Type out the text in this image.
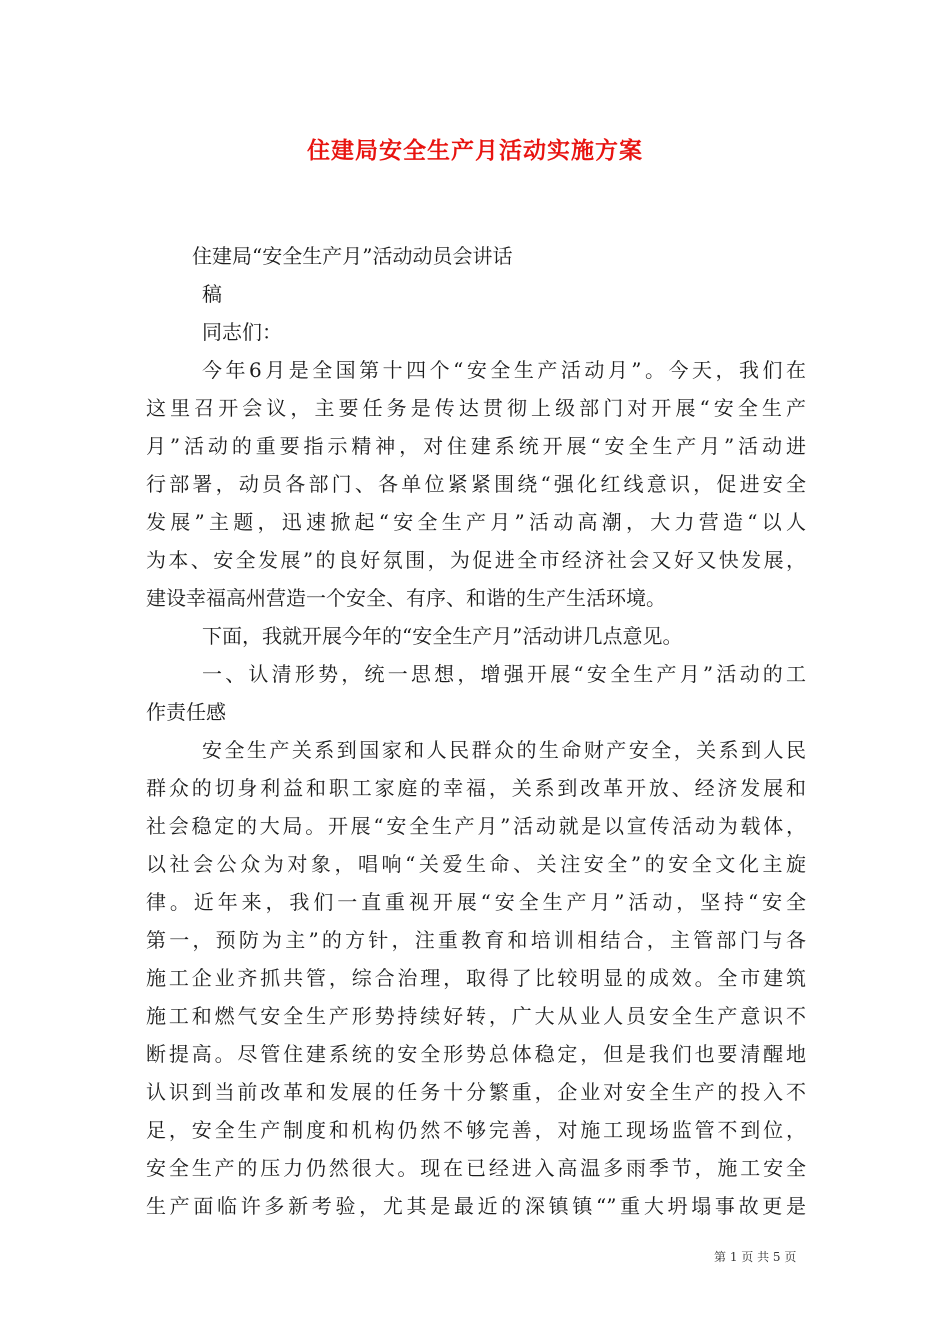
住建局安全生产月活动实施方案
住建局“安全生产月”活动动员会讲话
稿
同志们：
今年6月是全国第十四个“安全生产活动月”。今天，我们在
这里召开会议，主要任务是传达贯彻上级部门对开展“安全生产
月”活动的重要指示精神，对住建系统开展“安全生产月”活动进
行部署，动员各部门、各单位紧紧围绕“强化红线意识，促进安全
发展”主题，迅速掀起“安全生产月”活动高潮，大力营造“以人
为本、安全发展”的良好氛围，为促进全市经济社会又好又快发展，
建设幸福高州营造一个安全、有序、和谐的生产生活环境。
下面，我就开展今年的“安全生产月”活动讲几点意见。
一、认清形势，统一思想，增强开展“安全生产月”活动的工
作责任感
安全生产关系到国家和人民群众的生命财产安全，关系到人民
群众的切身利益和职工家庭的幸福，关系到改革开放、经济发展和
社会稳定的大局。开展“安全生产月”活动就是以宣传活动为载体，
以社会公众为对象，唱响“关爱生命、关注安全”的安全文化主旋
律。近年来，我们一直重视开展“安全生产月”活动，坚持“安全
第一，预防为主”的方针，注重教育和培训相结合，主管部门与各
施工企业齐抓共管，综合治理，取得了比较明显的成效。全市建筑
施工和燃气安全生产形势持续好转，广大从业人员安全生产意识不
断提高。尽管住建系统的安全形势总体稳定，但是我们也要清醒地
认识到当前改革和发展的任务十分繁重，企业对安全生产的投入不
足，安全生产制度和机构仍然不够完善，对施工现场监管不到位，
安全生产的压力仍然很大。现在已经进入高温多雨季节，施工安全
生产面临许多新考验，尤其是最近的深镇镇“”重大坍塌事故更是
第 1 页 共 5 页
